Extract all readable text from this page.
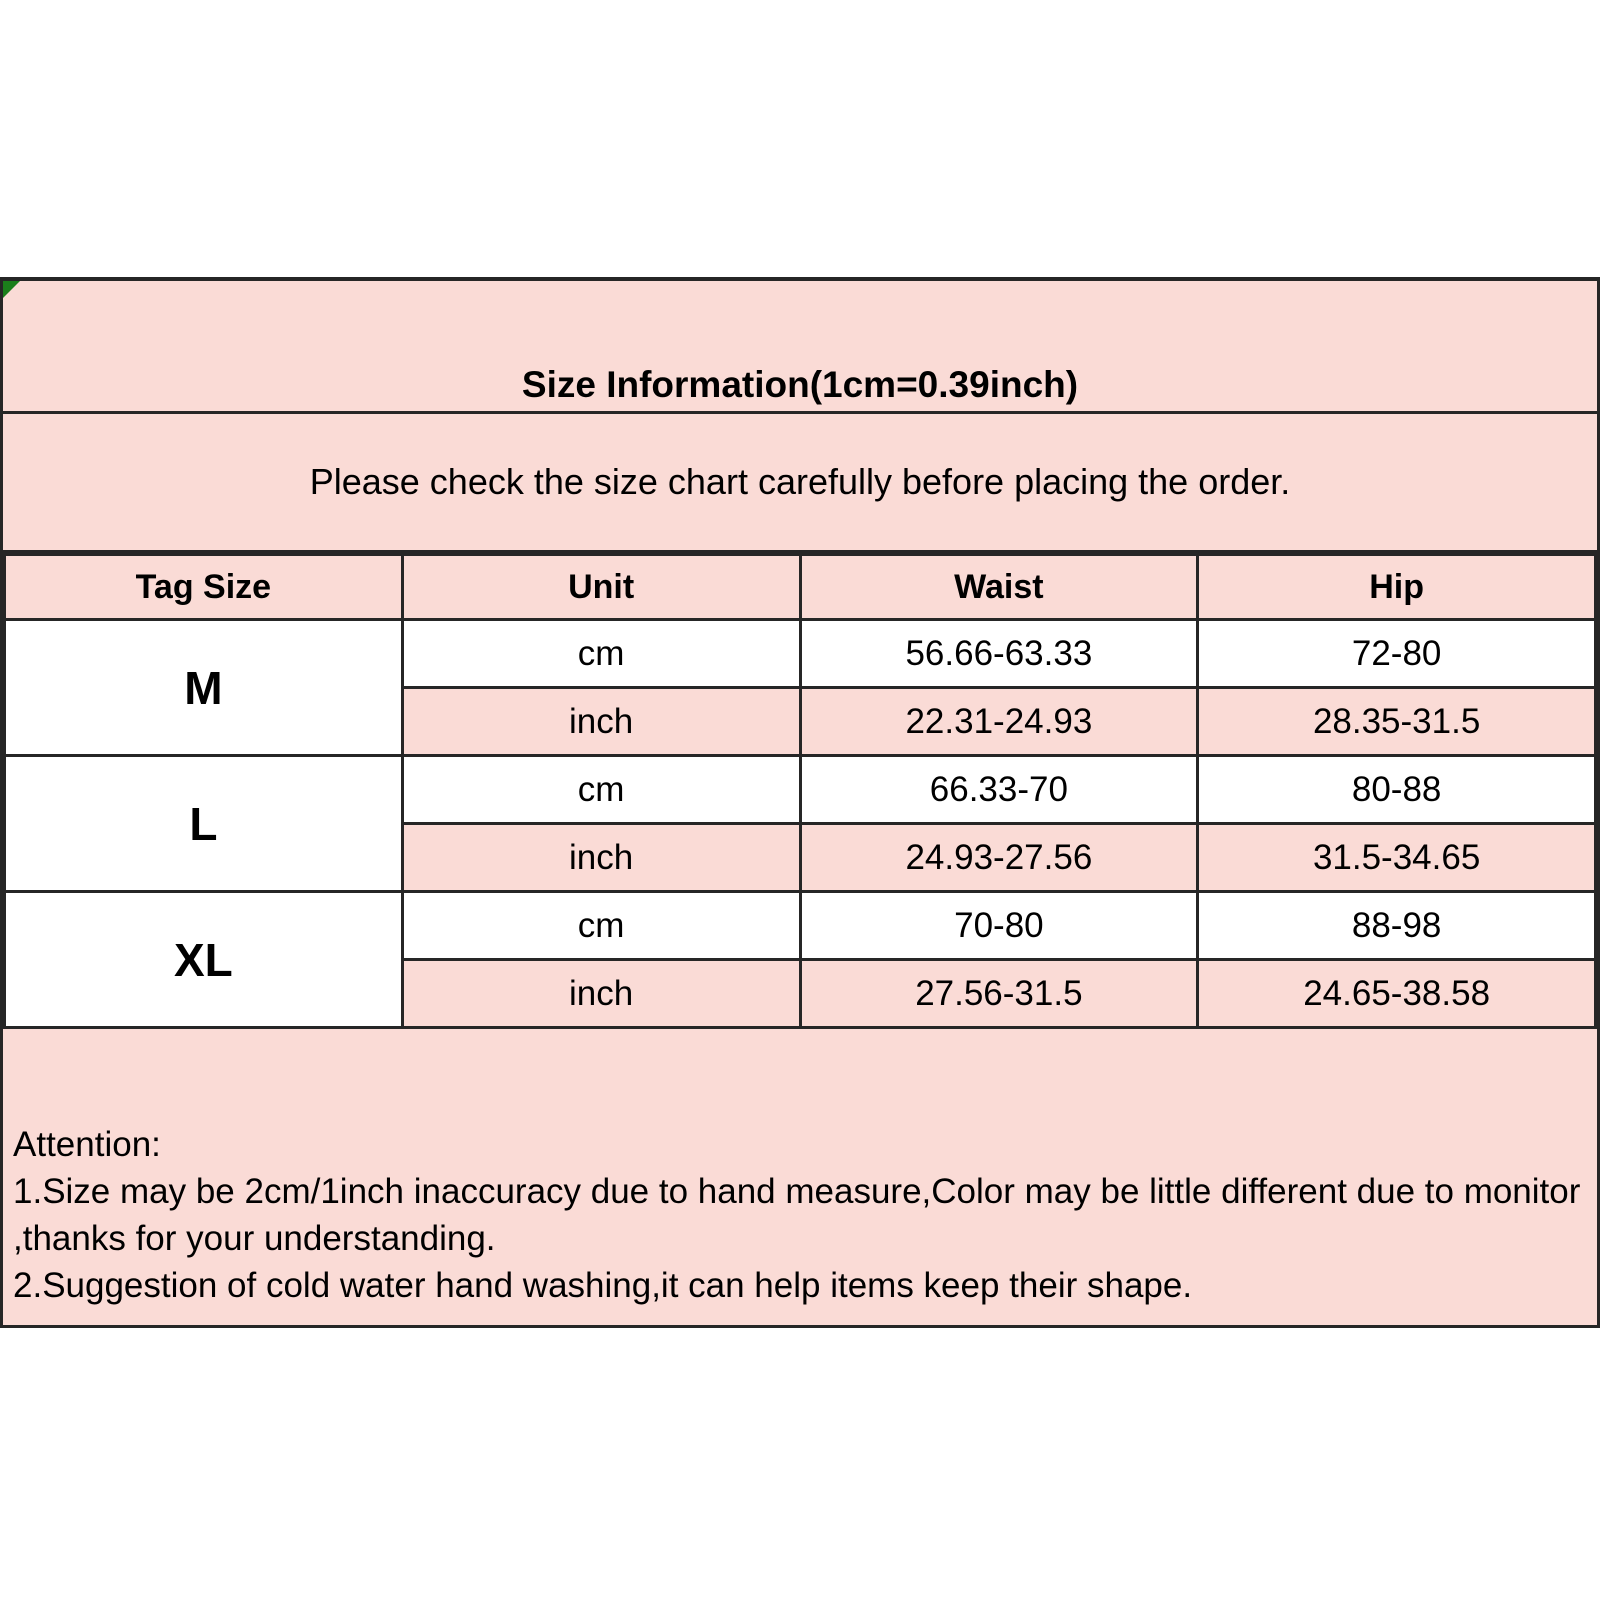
Size Information(1cm=0.39inch)
Please check the size chart carefully before placing the order.
Tag Size	Unit	Waist	Hip
M	cm	56.66-63.33	72-80
	inch	22.31-24.93	28.35-31.5
L	cm	66.33-70	80-88
	inch	24.93-27.56	31.5-34.65
XL	cm	70-80	88-98
	inch	27.56-31.5	24.65-38.58
Attention:
1.Size may be 2cm/1inch inaccuracy due to hand measure,Color may be little different due to monitor ,thanks for your understanding.
2.Suggestion of cold water hand washing,it can help items keep their shape.
